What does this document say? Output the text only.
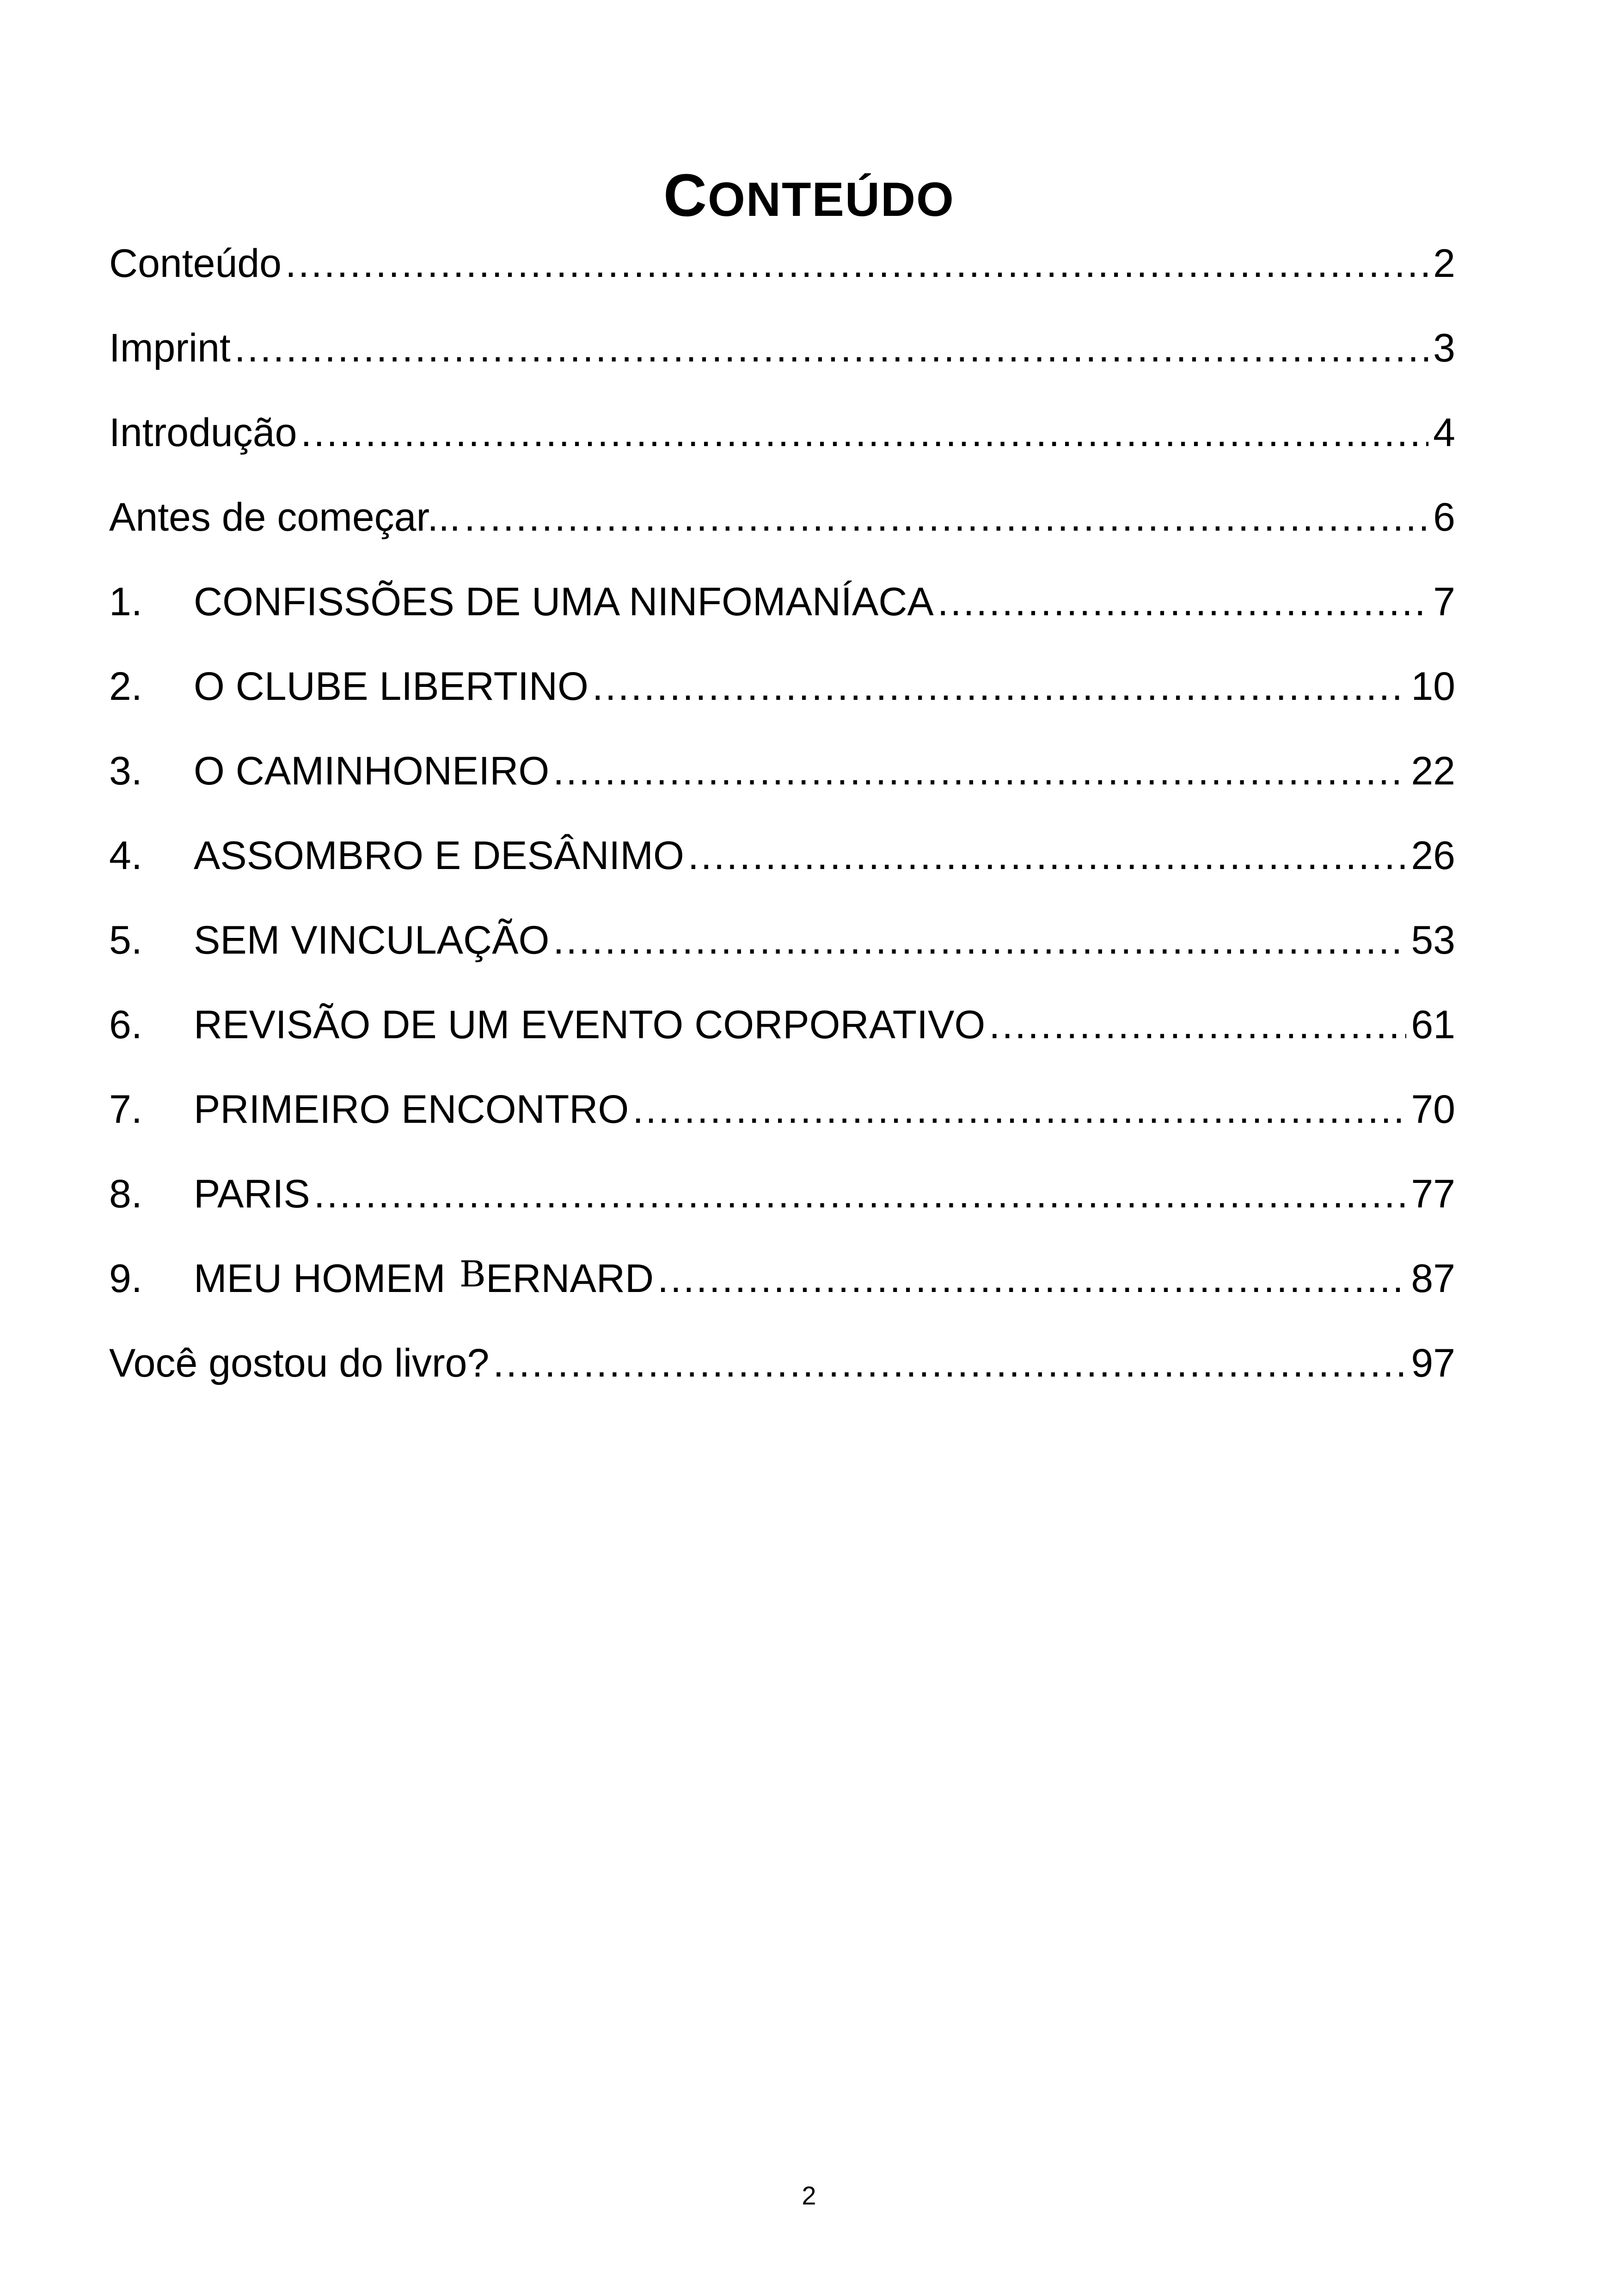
CONTEÚDO
Conteúdo .....	2
Imprint .....	3
Introdução .....	4
Antes de começar... .....	6
1.	CONFISSÕES DE UMA NINFOMANÍACA .....	7
2.	O CLUBE LIBERTINO .....	10
3.	O CAMINHONEIRO .....	22
4.	ASSOMBRO E DESÂNIMO .....	26
5.	SEM VINCULAÇÃO .....	53
6.	REVISÃO DE UM EVENTO CORPORATIVO .....	61
7.	PRIMEIRO ENCONTRO .....	70
8.	PARIS .....	77
9.	MEU HOMEM BERNARD .....	87
Você gostou do livro? .....	97
2
